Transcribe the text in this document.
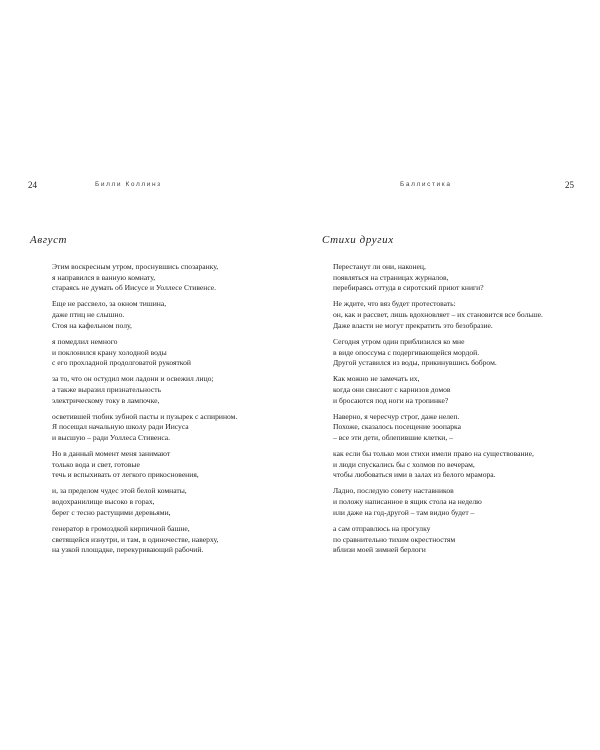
24	Билли Коллинз
Август
Этим воскресным утром, проснувшись спозаранку,
я направился в ванную комнату,
стараясь не думать об Иисусе и Уоллесе Стивенсе.
Еще не рассвело, за окном тишина,
даже птиц не слышно.
Стоя на кафельном полу,
я помедлил немного
и поклонился крану холодной воды
с его прохладной продолговатой рукояткой
за то, что он остудил мои ладони и освежил лицо;
а также выразил признательность
электрическому току в лампочке,
осветившей тюбик зубной пасты и пузырек с аспирином.
Я посещал начальную школу ради Иисуса
и высшую – ради Уоллеса Стивенса.
Но в данный момент меня занимают
только вода и свет, готовые
течь и вспыхивать от легкого прикосновения,
и, за пределом чудес этой белой комнаты,
водохранилище высоко в горах,
берег с тесно растущими деревьями,
генератор в громоздкой кирпичной башне,
светящейся изнутри, и там, в одиночестве, наверху,
на узкой площадке, перекуривающий рабочий.
25
Баллистика
Стихи других
Перестанут ли они, наконец,
появляться на страницах журналов,
перебираясь оттуда в сиротский приют книги?
Не ждите, что вяз будет протестовать:
он, как и рассвет, лишь вдохновляет – их становится все больше.
Даже власти не могут прекратить это безобразие.
Сегодня утром один приблизился ко мне
в виде опоссума с подергивающейся мордой.
Другой уставился из воды, прикинувшись бобром.
Как можно не замечать их,
когда они свисают с карнизов домов
и бросаются под ноги на тропинке?
Наверно, я чересчур строг, даже нелеп.
Похоже, сказалось посещение зоопарка
– все эти дети, облепившие клетки, –
как если бы только мои стихи имели право на существование,
и люди спускались бы с холмов по вечерам,
чтобы любоваться ими в залах из белого мрамора.
Ладно, последую совету наставников
и положу написанное в ящик стола на неделю
или даже на год-другой – там видно будет –
а сам отправлюсь на прогулку
по сравнительно тихим окрестностям
вблизи моей зимней берлоги
